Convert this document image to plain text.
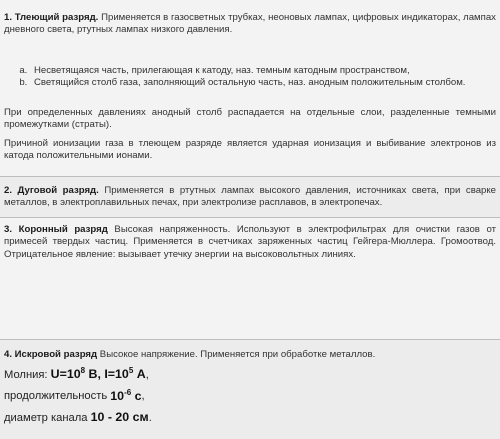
1. Тлеющий разряд. Применяется в газосветных трубках, неоновых лампах, цифровых индикаторах, лампах дневного света, ртутных лампах низкого давления.

a. Несветящаяся часть, прилегающая к катоду, наз. темным катодным пространством,
b. Светящийся столб газа, заполняющий остальную часть, наз. анодным положительным столбом.

При определенных давлениях анодный столб распадается на отдельные слои, разделенные темными промежутками (страты).

Причиной ионизации газа в тлеющем разряде является ударная ионизация и выбивание электронов из катода положительными ионами.

2. Дуговой разряд. Применяется в ртутных лампах высокого давления, источниках света, при сварке металлов, в электроплавильных печах, при электролизе расплавов, в электропечах.

3. Коронный разряд Высокая напряженность. Используют в электрофильтрах для очистки газов от примесей твердых частиц. Применяется в счетчиках заряженных частиц Гейгера-Мюллера. Громоотвод. Отрицательное явление: вызывает утечку энергии на высоковольтных линиях.

4. Искровой разряд Высокое напряжение. Применяется при обработке металлов.

Молния: $U=10^8$ В, $I=10^5$ А,

продолжительность $10^{-6}$ с,

диаметр канала 10 - 20 см.
